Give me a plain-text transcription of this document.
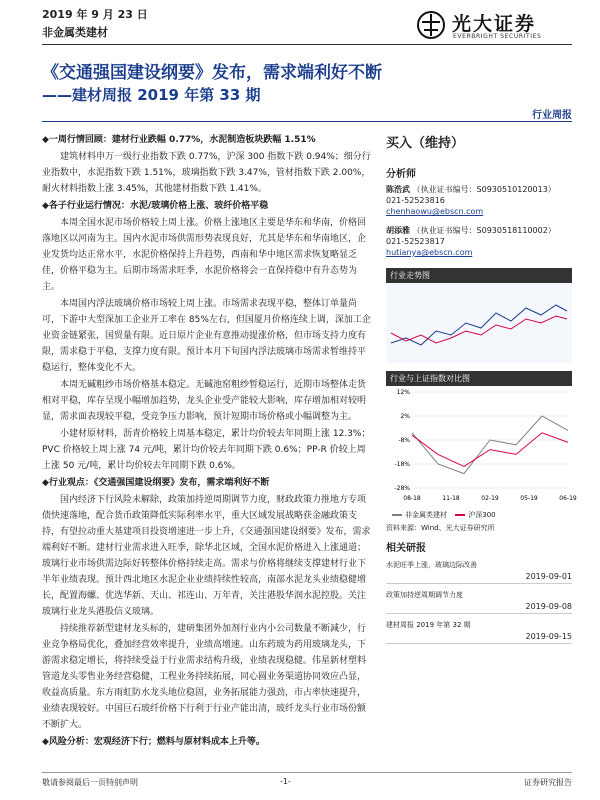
2019 年 9 月 23 日
非金属类建材	光大证券
EVERBRIGHT SECURITIES
《交通强国建设纲要》发布，需求端利好不断
——建材周报 2019 年第 33 期
行业周报

◆一周行情回顾：建材行业跌幅 0.77%，水泥制造板块跌幅 1.51%

建筑材料申万一级行业指数下跌 0.77%，沪深 300 指数下跌 0.94%；细分行业指数中，水泥指数下跌 1.51%，玻璃指数下跌 3.47%，管材指数下跌 2.00%，耐火材料指数上涨 3.45%，其他建材指数下跌 1.41%。

◆各子行业运行情况：水泥/玻璃价格上涨、玻纤价格平稳

本周全国水泥市场价格较上周上涨。价格上涨地区主要是华东和华南，价格回落地区以河南为主。国内水泥市场供需形势表现良好，尤其是华东和华南地区，企业发货均达正常水平，水泥价格保持上升趋势，西南和华中地区需求恢复略显乏佳，价格平稳为主。后期市场需求旺季，水泥价格将会一直保持稳中有升态势为主。

本周国内浮法玻璃价格市场较上周上涨。市场需求表现平稳，整体订单量尚可，下游中大型深加工企业开工率在 85%左右，但国厦月价格连续上调，深加工企业资金链紧张，国贸量有限。近日原片企业有意推动提涨价格，但市场支持力度有限，需求稳于平稳，支撑力度有限。预计本月下旬国内浮法玻璃市场需求暂维持平稳运行，整体变化不大。

本周无碱粗纱市场价格基本稳定。无碱池窑粗纱暂稳运行，近期市场整体走货相对平稳，库存呈现小幅增加趋势，龙头企业受产能较大影响，库存增加相对较明显，需求面表现较平稳，受竞争压力影响，预计短期市场价格或小幅调整为主。

小建材原材料，沥青价格较上周基本稳定，累计均价较去年同期上涨 12.3%；PVC 价格较上周上涨 74 元/吨，累计均价较去年同期下跌 0.6%；PP-R 价较上周上涨 50 元/吨，累计均价较去年同期下跌 0.6%。

◆行业观点：《交通强国建设纲要》发布，需求端利好不断

国内经济下行风险未解除，政策加持逆周期调节力度，财政政策力推地方专项债快速落地，配合货币政策降低实际利率水平，重大区域发展战略获金融政策支持，有望拉动重大基建项目投资增速进一步上升，《交通强国建设纲要》发布，需求端利好不断。建材行业需求进入旺季，除华北区域，全国水泥价格进入上涨通道；玻璃行业市场供需边际好转整体价格持续走高。需求与价格将继续支撑建材行业下半年业绩表现。预计西北地区水泥企业业绩持续性较高，南部水泥龙头业绩稳健增长，配置海螺、优选华新、天山、祁连山、万年青，关注港股华润水泥控股。关注玻璃行业龙头港股信义玻璃。

持续推荐新型建材龙头标的，建研集团外加剂行业内小公司数量不断减少，行业竞争格局优化，叠加经营效率提升，业绩高增速。山东药玻为药用玻璃龙头，下游需求稳定增长，将持续受益于行业需求结构升级，业绩表现稳健。伟星新材塑料管道龙头零售业务经营稳健，工程业务持续拓展，同心圆业务渠道协同效应凸显，收益高质量。东方雨虹防水龙头地位稳固，业务拓展能力强劲，市占率快速提升，业绩表现较好。中国巨石玻纤价格下行利于行业产能出清，玻纤龙头行业市场份额不断扩大。

◆风险分析：宏观经济下行；燃料与原材料成本上升等。

买入（维持）
分析师
陈浩武 （执业证书编号：S0930510120013）
021-52523816
chenhaowu@ebscn.com
胡添雅 （执业证书编号：S0930518110002）
021-52523817
hutianya@ebscn.com
行业走势图
行业与上证指数对比图
12%
2%
-8%
-18%
-28%
08-18	11-18	02-19	05-19	06-19
非金属类建材	沪深300
资料来源：Wind、光大证券研究所
相关研报
水泥旺季上涨，玻璃边际改善
2019-09-01
政策加持逆周期调节力度
2019-09-08
建材周报 2019 年第 32 期
2019-09-15
敬请参阅最后一页特别声明	-1-	证券研究报告
